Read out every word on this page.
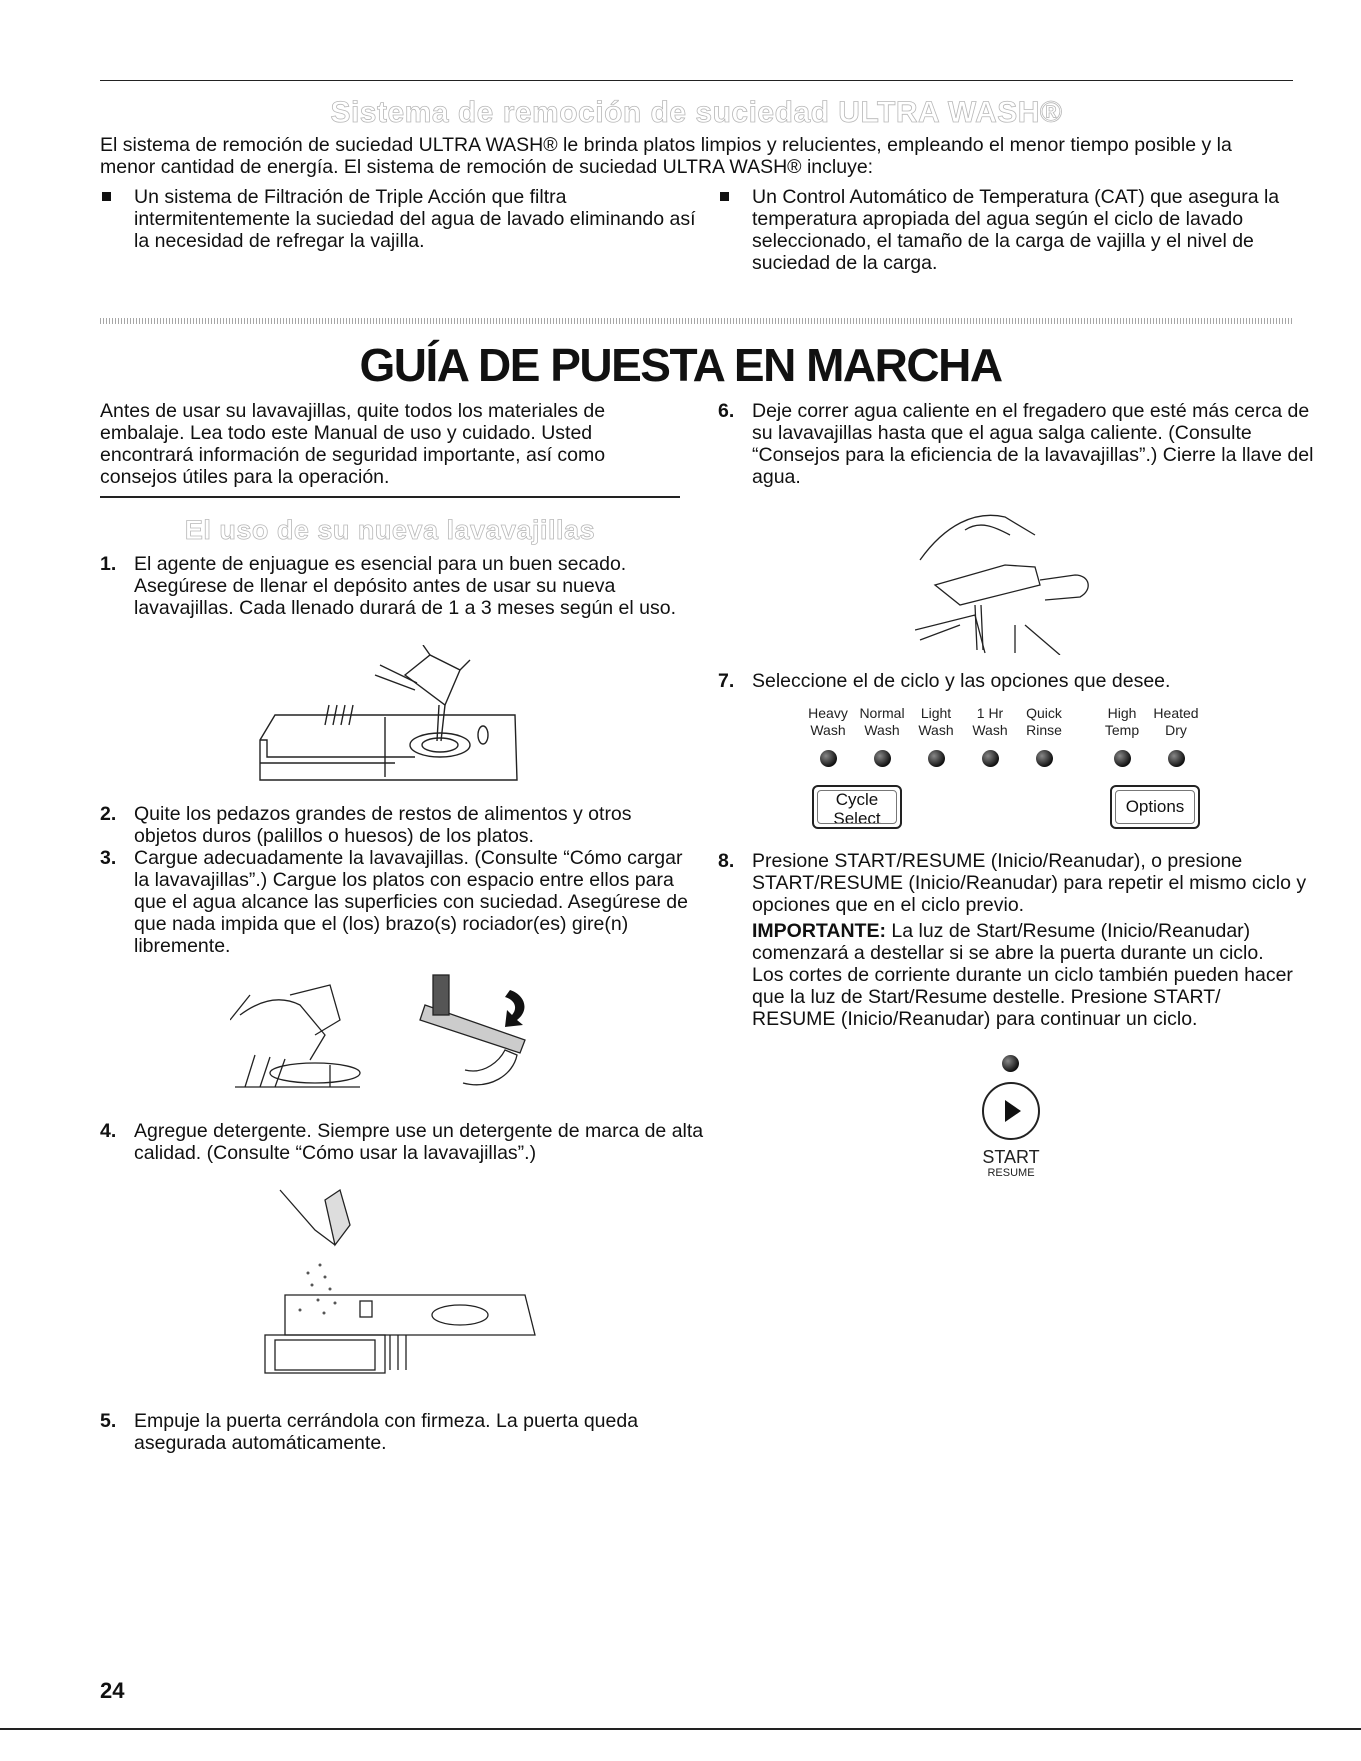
Sistema de remoción de suciedad ULTRA WASH®
El sistema de remoción de suciedad ULTRA WASH® le brinda platos limpios y relucientes, empleando el menor tiempo posible y la
menor cantidad de energía. El sistema de remoción de suciedad ULTRA WASH® incluye:
Un sistema de Filtración de Triple Acción que filtra intermitentemente la suciedad del agua de lavado eliminando así la necesidad de refregar la vajilla.
Un Control Automático de Temperatura (CAT) que asegura la temperatura apropiada del agua según el ciclo de lavado seleccionado, el tamaño de la carga de vajilla y el nivel de suciedad de la carga.
GUÍA DE PUESTA EN MARCHA
Antes de usar su lavavajillas, quite todos los materiales de embalaje. Lea todo este Manual de uso y cuidado. Usted encontrará información de seguridad importante, así como consejos útiles para la operación.
El uso de su nueva lavavajillas
1. El agente de enjuague es esencial para un buen secado. Asegúrese de llenar el depósito antes de usar su nueva lavavajillas. Cada llenado durará de 1 a 3 meses según el uso.
2. Quite los pedazos grandes de restos de alimentos y otros objetos duros (palillos o huesos) de los platos.
3. Cargue adecuadamente la lavavajillas. (Consulte “Cómo cargar la lavavajillas”.) Cargue los platos con espacio entre ellos para que el agua alcance las superficies con suciedad. Asegúrese de que nada impida que el (los) brazo(s) rociador(es) gire(n) libremente.
4. Agregue detergente. Siempre use un detergente de marca de alta calidad. (Consulte “Cómo usar la lavavajillas”.)
5. Empuje la puerta cerrándola con firmeza. La puerta queda asegurada automáticamente.
6. Deje correr agua caliente en el fregadero que esté más cerca de su lavavajillas hasta que el agua salga caliente. (Consulte “Consejos para la eficiencia de la lavavajillas”.) Cierre la llave del agua.
7. Seleccione el de ciclo y las opciones que desee.
Heavy
Wash
Normal
Wash
Light
Wash
1 Hr
Wash
Quick
Rinse
High
Temp
Heated
Dry
Cycle
Select
Options
8. Presione START/RESUME (Inicio/Reanudar), o presione START/RESUME (Inicio/Reanudar) para repetir el mismo ciclo y opciones que en el ciclo previo.
IMPORTANTE: La luz de Start/Resume (Inicio/Reanudar) comenzará a destellar si se abre la puerta durante un ciclo. Los cortes de corriente durante un ciclo también pueden hacer que la luz de Start/Resume destelle. Presione START/ RESUME (Inicio/Reanudar) para continuar un ciclo.
START
RESUME
24
